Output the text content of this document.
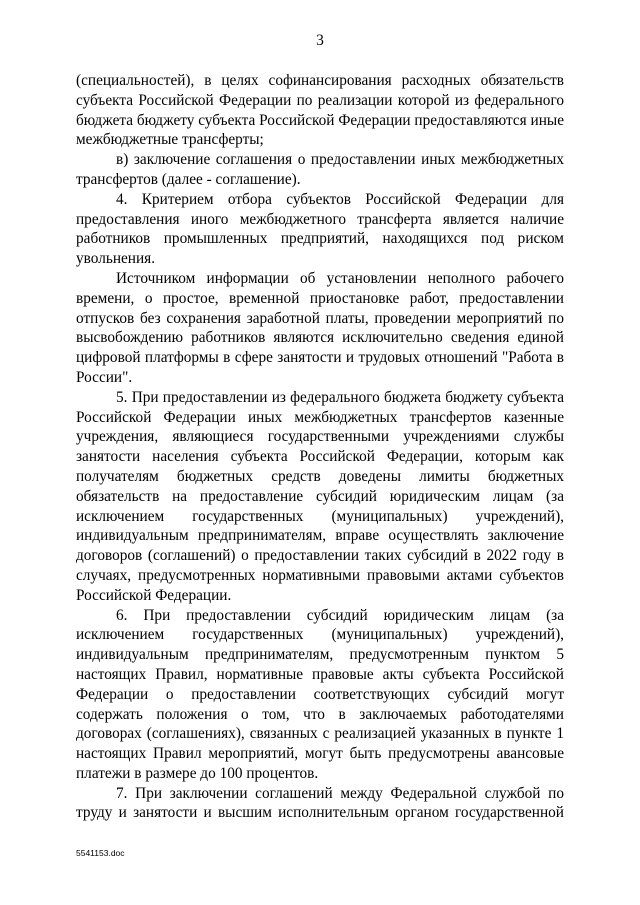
3

(специальностей), в целях софинансирования расходных обязательств субъекта Российской Федерации по реализации которой из федерального бюджета бюджету субъекта Российской Федерации предоставляются иные межбюджетные трансферты;

в) заключение соглашения о предоставлении иных межбюджетных трансфертов (далее - соглашение).

4. Критерием отбора субъектов Российской Федерации для предоставления иного межбюджетного трансферта является наличие работников промышленных предприятий, находящихся под риском увольнения.

Источником информации об установлении неполного рабочего времени, о простое, временной приостановке работ, предоставлении отпусков без сохранения заработной платы, проведении мероприятий по высвобождению работников являются исключительно сведения единой цифровой платформы в сфере занятости и трудовых отношений "Работа в России".

5. При предоставлении из федерального бюджета бюджету субъекта Российской Федерации иных межбюджетных трансфертов казенные учреждения, являющиеся государственными учреждениями службы занятости населения субъекта Российской Федерации, которым как получателям бюджетных средств доведены лимиты бюджетных обязательств на предоставление субсидий юридическим лицам (за исключением государственных (муниципальных) учреждений), индивидуальным предпринимателям, вправе осуществлять заключение договоров (соглашений) о предоставлении таких субсидий в 2022 году в случаях, предусмотренных нормативными правовыми актами субъектов Российской Федерации.

6. При предоставлении субсидий юридическим лицам (за исключением государственных (муниципальных) учреждений), индивидуальным предпринимателям, предусмотренным пунктом 5 настоящих Правил, нормативные правовые акты субъекта Российской Федерации о предоставлении соответствующих субсидий могут содержать положения о том, что в заключаемых работодателями договорах (соглашениях), связанных с реализацией указанных в пункте 1 настоящих Правил мероприятий, могут быть предусмотрены авансовые платежи в размере до 100 процентов.

7. При заключении соглашений между Федеральной службой по труду и занятости и высшим исполнительным органом государственной

5541153.doc
